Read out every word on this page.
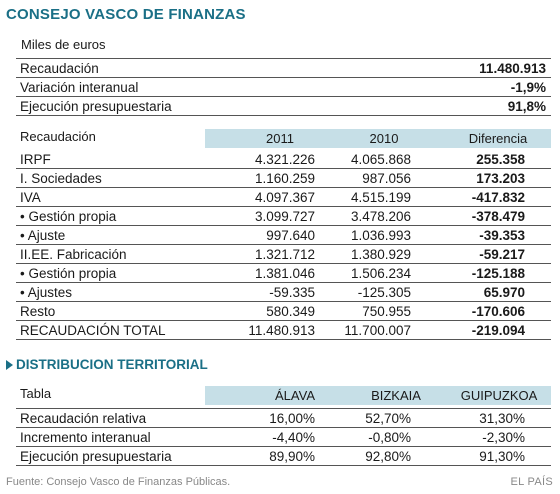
CONSEJO VASCO DE FINANZAS
Miles de euros
Recaudación	11.480.913
Variación interanual	-1,9%
Ejecución presupuestaria	91,8%
Recaudación	2011	2010	Diferencia
IRPF	4.321.226	4.065.868	255.358
I. Sociedades	1.160.259	987.056	173.203
IVA	4.097.367	4.515.199	-417.832
• Gestión propia	3.099.727	3.478.206	-378.479
• Ajuste	997.640	1.036.993	-39.353
II.EE. Fabricación	1.321.712	1.380.929	-59.217
• Gestión propia	1.381.046	1.506.234	-125.188
• Ajustes	-59.335	-125.305	65.970
Resto	580.349	750.955	-170.606
RECAUDACIÓN TOTAL	11.480.913 11.700.007	-219.094
DISTRIBUCION TERRITORIAL
Tabla	ÁLAVA	BIZKAIA	GUIPUZKOA
Recaudación relativa	16,00%	52,70%	31,30%
Incremento interanual	-4,40%	-0,80%	-2,30%
Ejecución presupuestaria	89,90%	92,80%	91,30%
Fuente: Consejo Vasco de Finanzas Públicas.	EL PAÍS
